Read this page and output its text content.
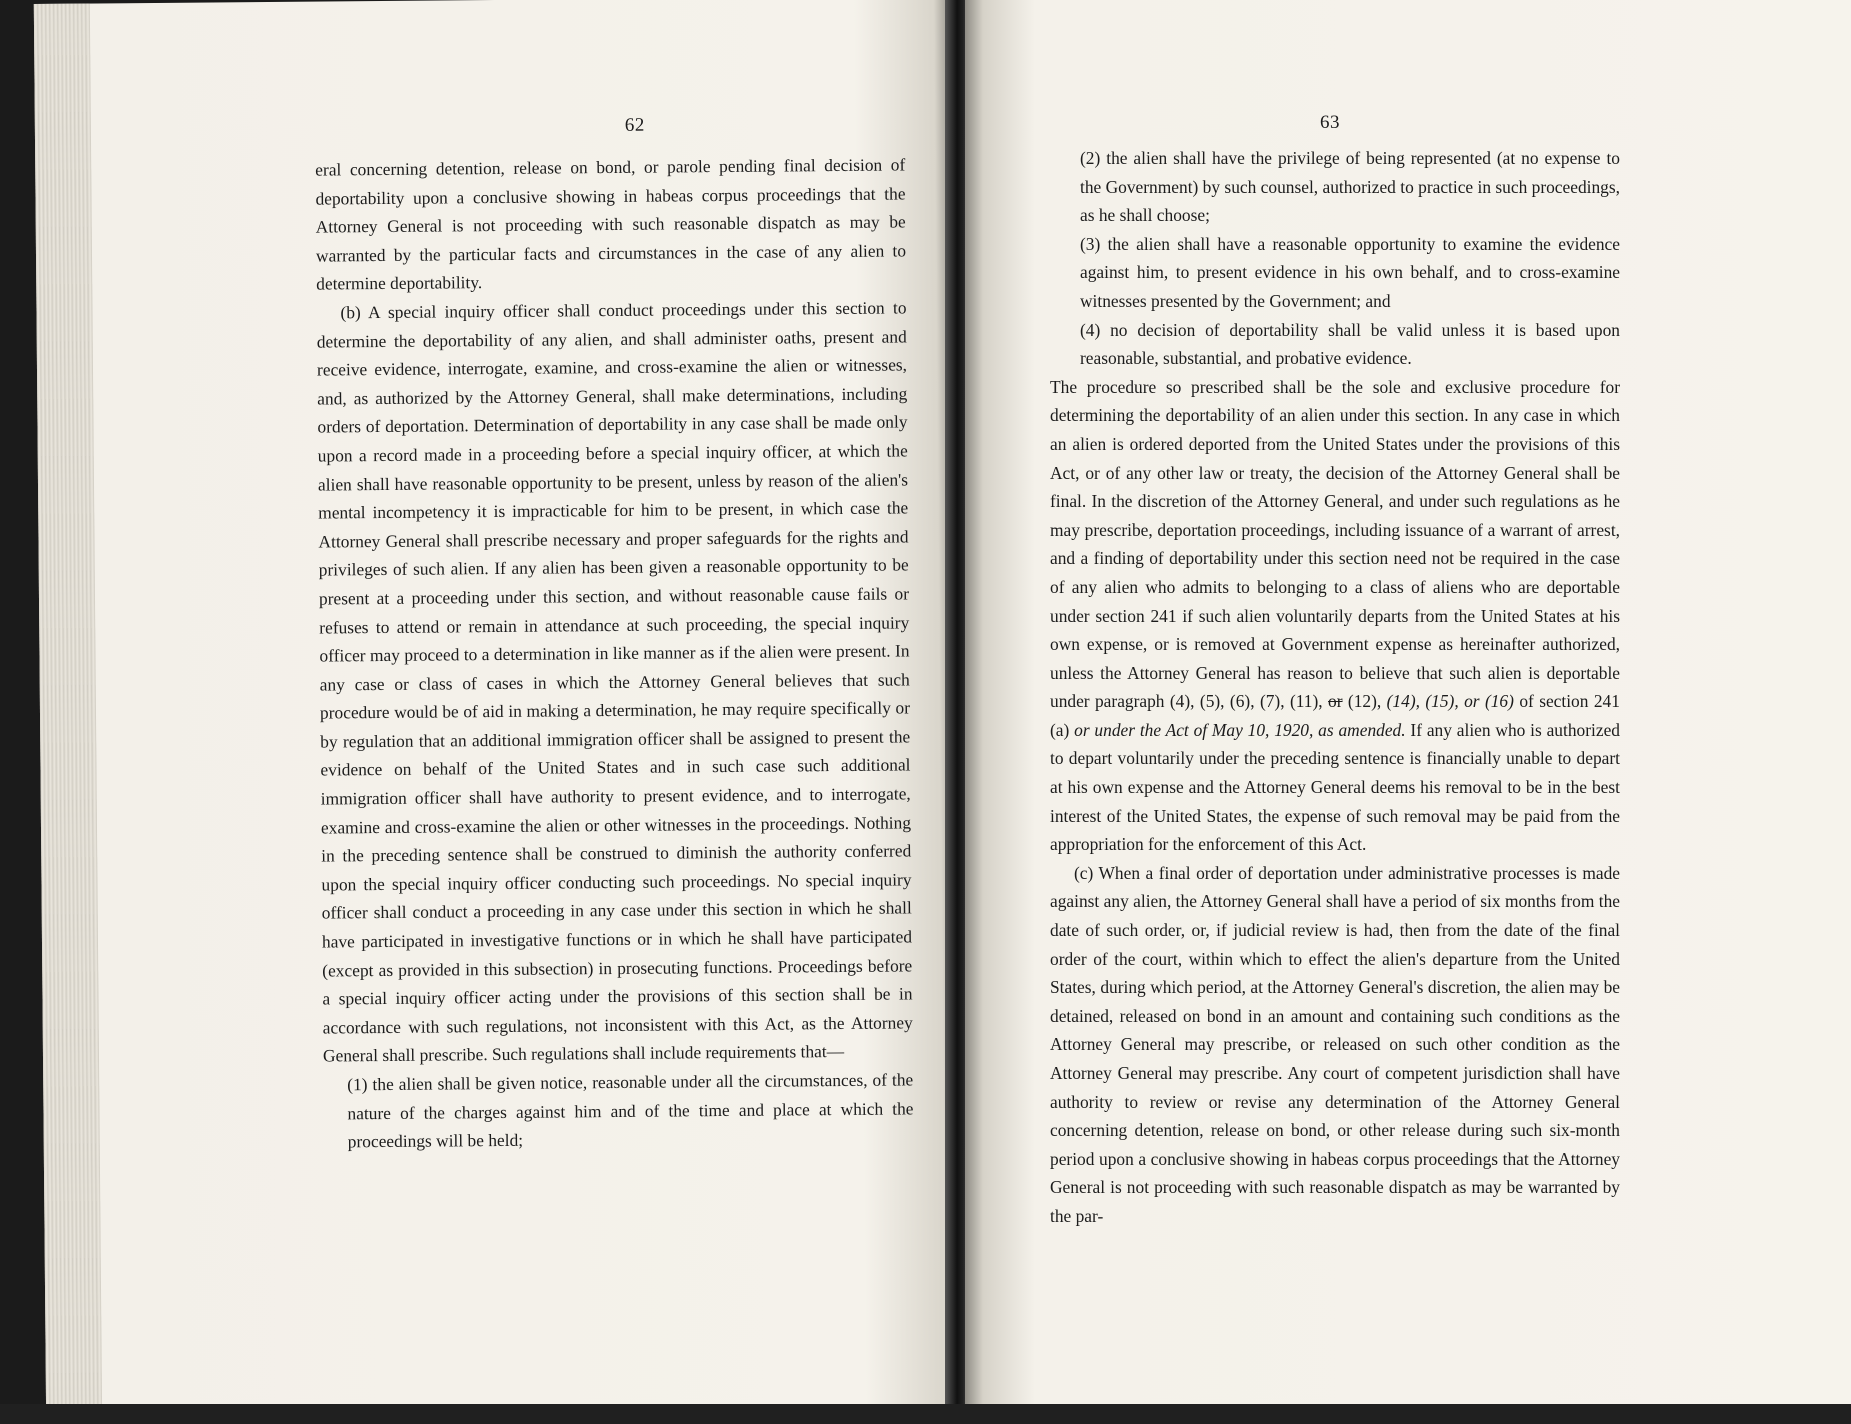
62

eral concerning detention, release on bond, or parole pending final decision of deportability upon a conclusive showing in habeas corpus proceedings that the Attorney General is not proceeding with such reasonable dispatch as may be warranted by the particular facts and circumstances in the case of any alien to determine deportability.

(b) A special inquiry officer shall conduct proceedings under this section to determine the deportability of any alien, and shall administer oaths, present and receive evidence, interrogate, examine, and cross-examine the alien or witnesses, and, as authorized by the Attorney General, shall make determinations, including orders of deportation. Determination of deportability in any case shall be made only upon a record made in a proceeding before a special inquiry officer, at which the alien shall have reasonable opportunity to be present, unless by reason of the alien's mental incompetency it is impracticable for him to be present, in which case the Attorney General shall prescribe necessary and proper safeguards for the rights and privileges of such alien. If any alien has been given a reasonable opportunity to be present at a proceeding under this section, and without reasonable cause fails or refuses to attend or remain in attendance at such proceeding, the special inquiry officer may proceed to a determination in like manner as if the alien were present. In any case or class of cases in which the Attorney General believes that such procedure would be of aid in making a determination, he may require specifically or by regulation that an additional immigration officer shall be assigned to present the evidence on behalf of the United States and in such case such additional immigration officer shall have authority to present evidence, and to interrogate, examine and cross-examine the alien or other witnesses in the proceedings. Nothing in the preceding sentence shall be construed to diminish the authority conferred upon the special inquiry officer conducting such proceedings. No special inquiry officer shall conduct a proceeding in any case under this section in which he shall have participated in investigative functions or in which he shall have participated (except as provided in this subsection) in prosecuting functions. Proceedings before a special inquiry officer acting under the provisions of this section shall be in accordance with such regulations, not inconsistent with this Act, as the Attorney General shall prescribe. Such regulations shall include requirements that—

(1) the alien shall be given notice, reasonable under all the circumstances, of the nature of the charges against him and of the time and place at which the proceedings will be held;

63

(2) the alien shall have the privilege of being represented (at no expense to the Government) by such counsel, authorized to practice in such proceedings, as he shall choose;

(3) the alien shall have a reasonable opportunity to examine the evidence against him, to present evidence in his own behalf, and to cross-examine witnesses presented by the Government; and

(4) no decision of deportability shall be valid unless it is based upon reasonable, substantial, and probative evidence.

The procedure so prescribed shall be the sole and exclusive procedure for determining the deportability of an alien under this section. In any case in which an alien is ordered deported from the United States under the provisions of this Act, or of any other law or treaty, the decision of the Attorney General shall be final. In the discretion of the Attorney General, and under such regulations as he may prescribe, deportation proceedings, including issuance of a warrant of arrest, and a finding of deportability under this section need not be required in the case of any alien who admits to belonging to a class of aliens who are deportable under section 241 if such alien voluntarily departs from the United States at his own expense, or is removed at Government expense as hereinafter authorized, unless the Attorney General has reason to believe that such alien is deportable under paragraph (4), (5), (6), (7), (11), or (12), (14), (15), or (16) of section 241 (a) or under the Act of May 10, 1920, as amended. If any alien who is authorized to depart voluntarily under the preceding sentence is financially unable to depart at his own expense and the Attorney General deems his removal to be in the best interest of the United States, the expense of such removal may be paid from the appropriation for the enforcement of this Act.

(c) When a final order of deportation under administrative processes is made against any alien, the Attorney General shall have a period of six months from the date of such order, or, if judicial review is had, then from the date of the final order of the court, within which to effect the alien's departure from the United States, during which period, at the Attorney General's discretion, the alien may be detained, released on bond in an amount and containing such conditions as the Attorney General may prescribe, or released on such other condition as the Attorney General may prescribe. Any court of competent jurisdiction shall have authority to review or revise any determination of the Attorney General concerning detention, release on bond, or other release during such six-month period upon a conclusive showing in habeas corpus proceedings that the Attorney General is not proceeding with such reasonable dispatch as may be warranted by the par-
